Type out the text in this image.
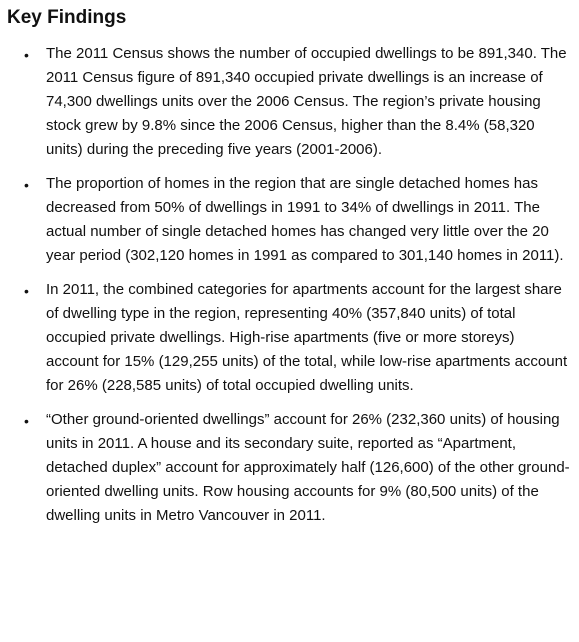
Key Findings
• The 2011 Census shows the number of occupied dwellings to be 891,340. The 2011 Census figure of 891,340 occupied private dwellings is an increase of 74,300 dwellings units over the 2006 Census. The region’s private housing stock grew by 9.8% since the 2006 Census, higher than the 8.4% (58,320 units) during the preceding five years (2001-2006).
• The proportion of homes in the region that are single detached homes has decreased from 50% of dwellings in 1991 to 34% of dwellings in 2011. The actual number of single detached homes has changed very little over the 20 year period (302,120 homes in 1991 as compared to 301,140 homes in 2011).
• In 2011, the combined categories for apartments account for the largest share of dwelling type in the region, representing 40% (357,840 units) of total occupied private dwellings. High-rise apartments (five or more storeys) account for 15% (129,255 units) of the total, while low-rise apartments account for 26% (228,585 units) of total occupied dwelling units.
• “Other ground-oriented dwellings” account for 26% (232,360 units) of housing units in 2011. A house and its secondary suite, reported as “Apartment, detached duplex” account for approximately half (126,600) of the other ground-oriented dwelling units. Row housing accounts for 9% (80,500 units) of the dwelling units in Metro Vancouver in 2011.
